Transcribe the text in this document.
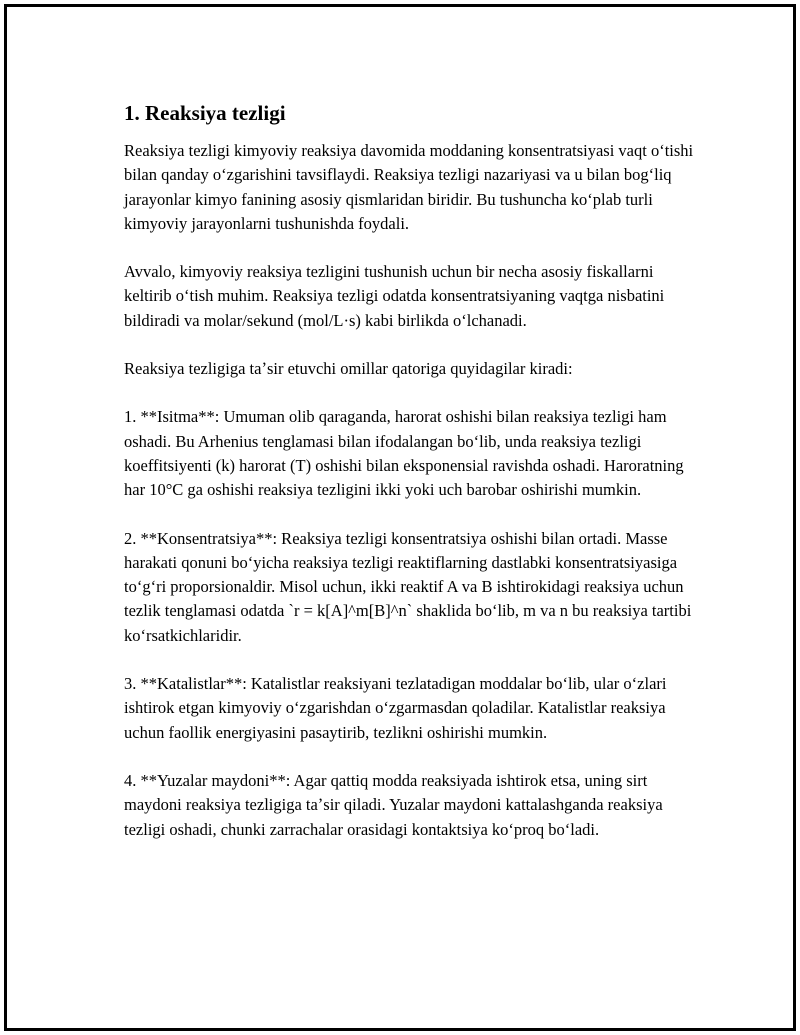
1. Reaksiya tezligi

Reaksiya tezligi kimyoviy reaksiya davomida moddaning konsentratsiyasi vaqt oʻtishi bilan qanday oʻzgarishini tavsiflaydi. Reaksiya tezligi nazariyasi va u bilan bogʻliq jarayonlar kimyo fanining asosiy qismlaridan biridir. Bu tushuncha koʻplab turli kimyoviy jarayonlarni tushunishda foydali.

Avvalo, kimyoviy reaksiya tezligini tushunish uchun bir necha asosiy fiskallarni keltirib oʻtish muhim. Reaksiya tezligi odatda konsentratsiyaning vaqtga nisbatini bildiradi va molar/sekund (mol/L·s) kabi birlikda oʻlchanadi.

Reaksiya tezligiga taʼsir etuvchi omillar qatoriga quyidagilar kiradi:

1. **Isitma**: Umuman olib qaraganda, harorat oshishi bilan reaksiya tezligi ham oshadi. Bu Arhenius tenglamasi bilan ifodalangan boʻlib, unda reaksiya tezligi koeffitsiyenti (k) harorat (T) oshishi bilan eksponensial ravishda oshadi. Haroratning har 10°C ga oshishi reaksiya tezligini ikki yoki uch barobar oshirishi mumkin.

2. **Konsentratsiya**: Reaksiya tezligi konsentratsiya oshishi bilan ortadi. Masse harakati qonuni boʻyicha reaksiya tezligi reaktiflarning dastlabki konsentratsiyasiga toʻgʻri proporsionaldir. Misol uchun, ikki reaktif A va B ishtirokidagi reaksiya uchun tezlik tenglamasi odatda `r = k[A]^m[B]^n` shaklida boʻlib, m va n bu reaksiya tartibi koʻrsatkichlaridir.

3. **Katalistlar**: Katalistlar reaksiyani tezlatadigan moddalar boʻlib, ular oʻzlari ishtirok etgan kimyoviy oʻzgarishdan oʻzgarmasdan qoladilar. Katalistlar reaksiya uchun faollik energiyasini pasaytirib, tezlikni oshirishi mumkin.

4. **Yuzalar maydoni**: Agar qattiq modda reaksiyada ishtirok etsa, uning sirt maydoni reaksiya tezligiga taʼsir qiladi. Yuzalar maydoni kattalashganda reaksiya tezligi oshadi, chunki zarrachalar orasidagi kontaktsiya koʻproq boʻladi.
